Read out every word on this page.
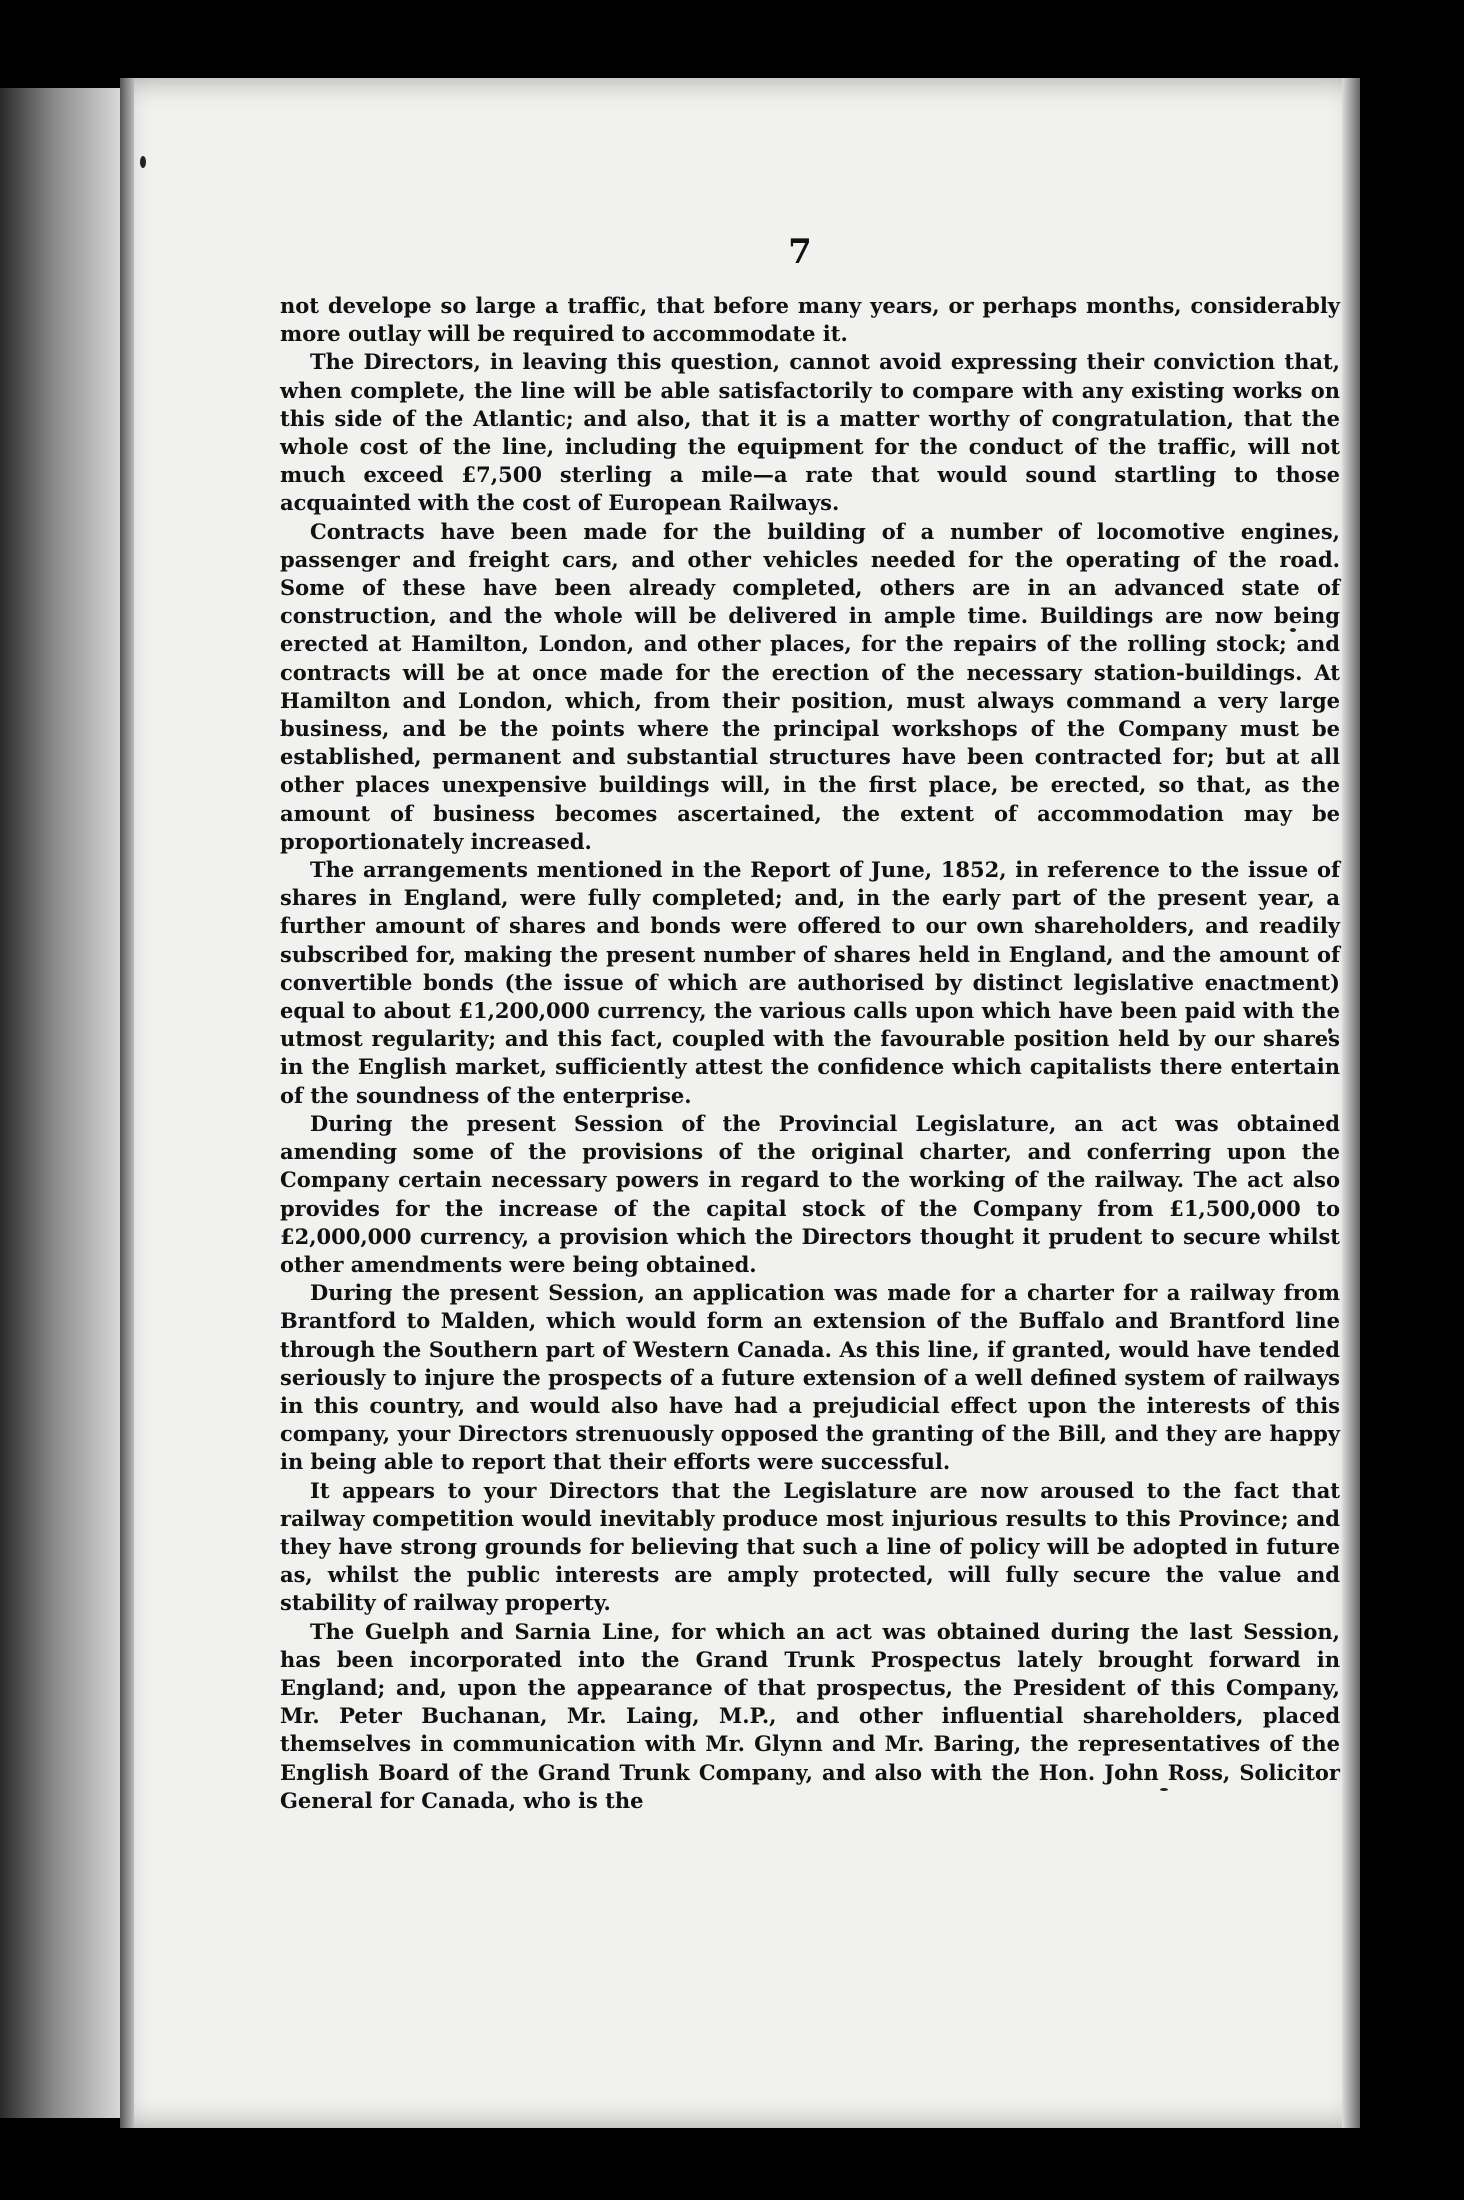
7

not develope so large a traffic, that before many years, or perhaps months, considerably more outlay will be required to accommodate it.

The Directors, in leaving this question, cannot avoid expressing their conviction that, when complete, the line will be able satisfactorily to compare with any existing works on this side of the Atlantic; and also, that it is a matter worthy of congratulation, that the whole cost of the line, including the equipment for the conduct of the traffic, will not much exceed £7,500 sterling a mile—a rate that would sound startling to those acquainted with the cost of European Railways.

Contracts have been made for the building of a number of locomotive engines, passenger and freight cars, and other vehicles needed for the operating of the road. Some of these have been already completed, others are in an advanced state of construction, and the whole will be delivered in ample time. Buildings are now being erected at Hamilton, London, and other places, for the repairs of the rolling stock; and contracts will be at once made for the erection of the necessary station-buildings. At Hamilton and London, which, from their position, must always command a very large business, and be the points where the principal workshops of the Company must be established, permanent and substantial structures have been contracted for; but at all other places unexpensive buildings will, in the first place, be erected, so that, as the amount of business becomes ascertained, the extent of accommodation may be proportionately increased.

The arrangements mentioned in the Report of June, 1852, in reference to the issue of shares in England, were fully completed; and, in the early part of the present year, a further amount of shares and bonds were offered to our own shareholders, and readily subscribed for, making the present number of shares held in England, and the amount of convertible bonds (the issue of which are authorised by distinct legislative enactment) equal to about £1,200,000 currency, the various calls upon which have been paid with the utmost regularity; and this fact, coupled with the favourable position held by our shares in the English market, sufficiently attest the confidence which capitalists there entertain of the soundness of the enterprise.

During the present Session of the Provincial Legislature, an act was obtained amending some of the provisions of the original charter, and conferring upon the Company certain necessary powers in regard to the working of the railway. The act also provides for the increase of the capital stock of the Company from £1,500,000 to £2,000,000 currency, a provision which the Directors thought it prudent to secure whilst other amendments were being obtained.

During the present Session, an application was made for a charter for a railway from Brantford to Malden, which would form an extension of the Buffalo and Brantford line through the Southern part of Western Canada. As this line, if granted, would have tended seriously to injure the prospects of a future extension of a well defined system of railways in this country, and would also have had a prejudicial effect upon the interests of this company, your Directors strenuously opposed the granting of the Bill, and they are happy in being able to report that their efforts were successful.

It appears to your Directors that the Legislature are now aroused to the fact that railway competition would inevitably produce most injurious results to this Province; and they have strong grounds for believing that such a line of policy will be adopted in future as, whilst the public interests are amply protected, will fully secure the value and stability of railway property.

The Guelph and Sarnia Line, for which an act was obtained during the last Session, has been incorporated into the Grand Trunk Prospectus lately brought forward in England; and, upon the appearance of that prospectus, the President of this Company, Mr. Peter Buchanan, Mr. Laing, M.P., and other influential shareholders, placed themselves in communication with Mr. Glynn and Mr. Baring, the representatives of the English Board of the Grand Trunk Company, and also with the Hon. John Ross, Solicitor General for Canada, who is the
